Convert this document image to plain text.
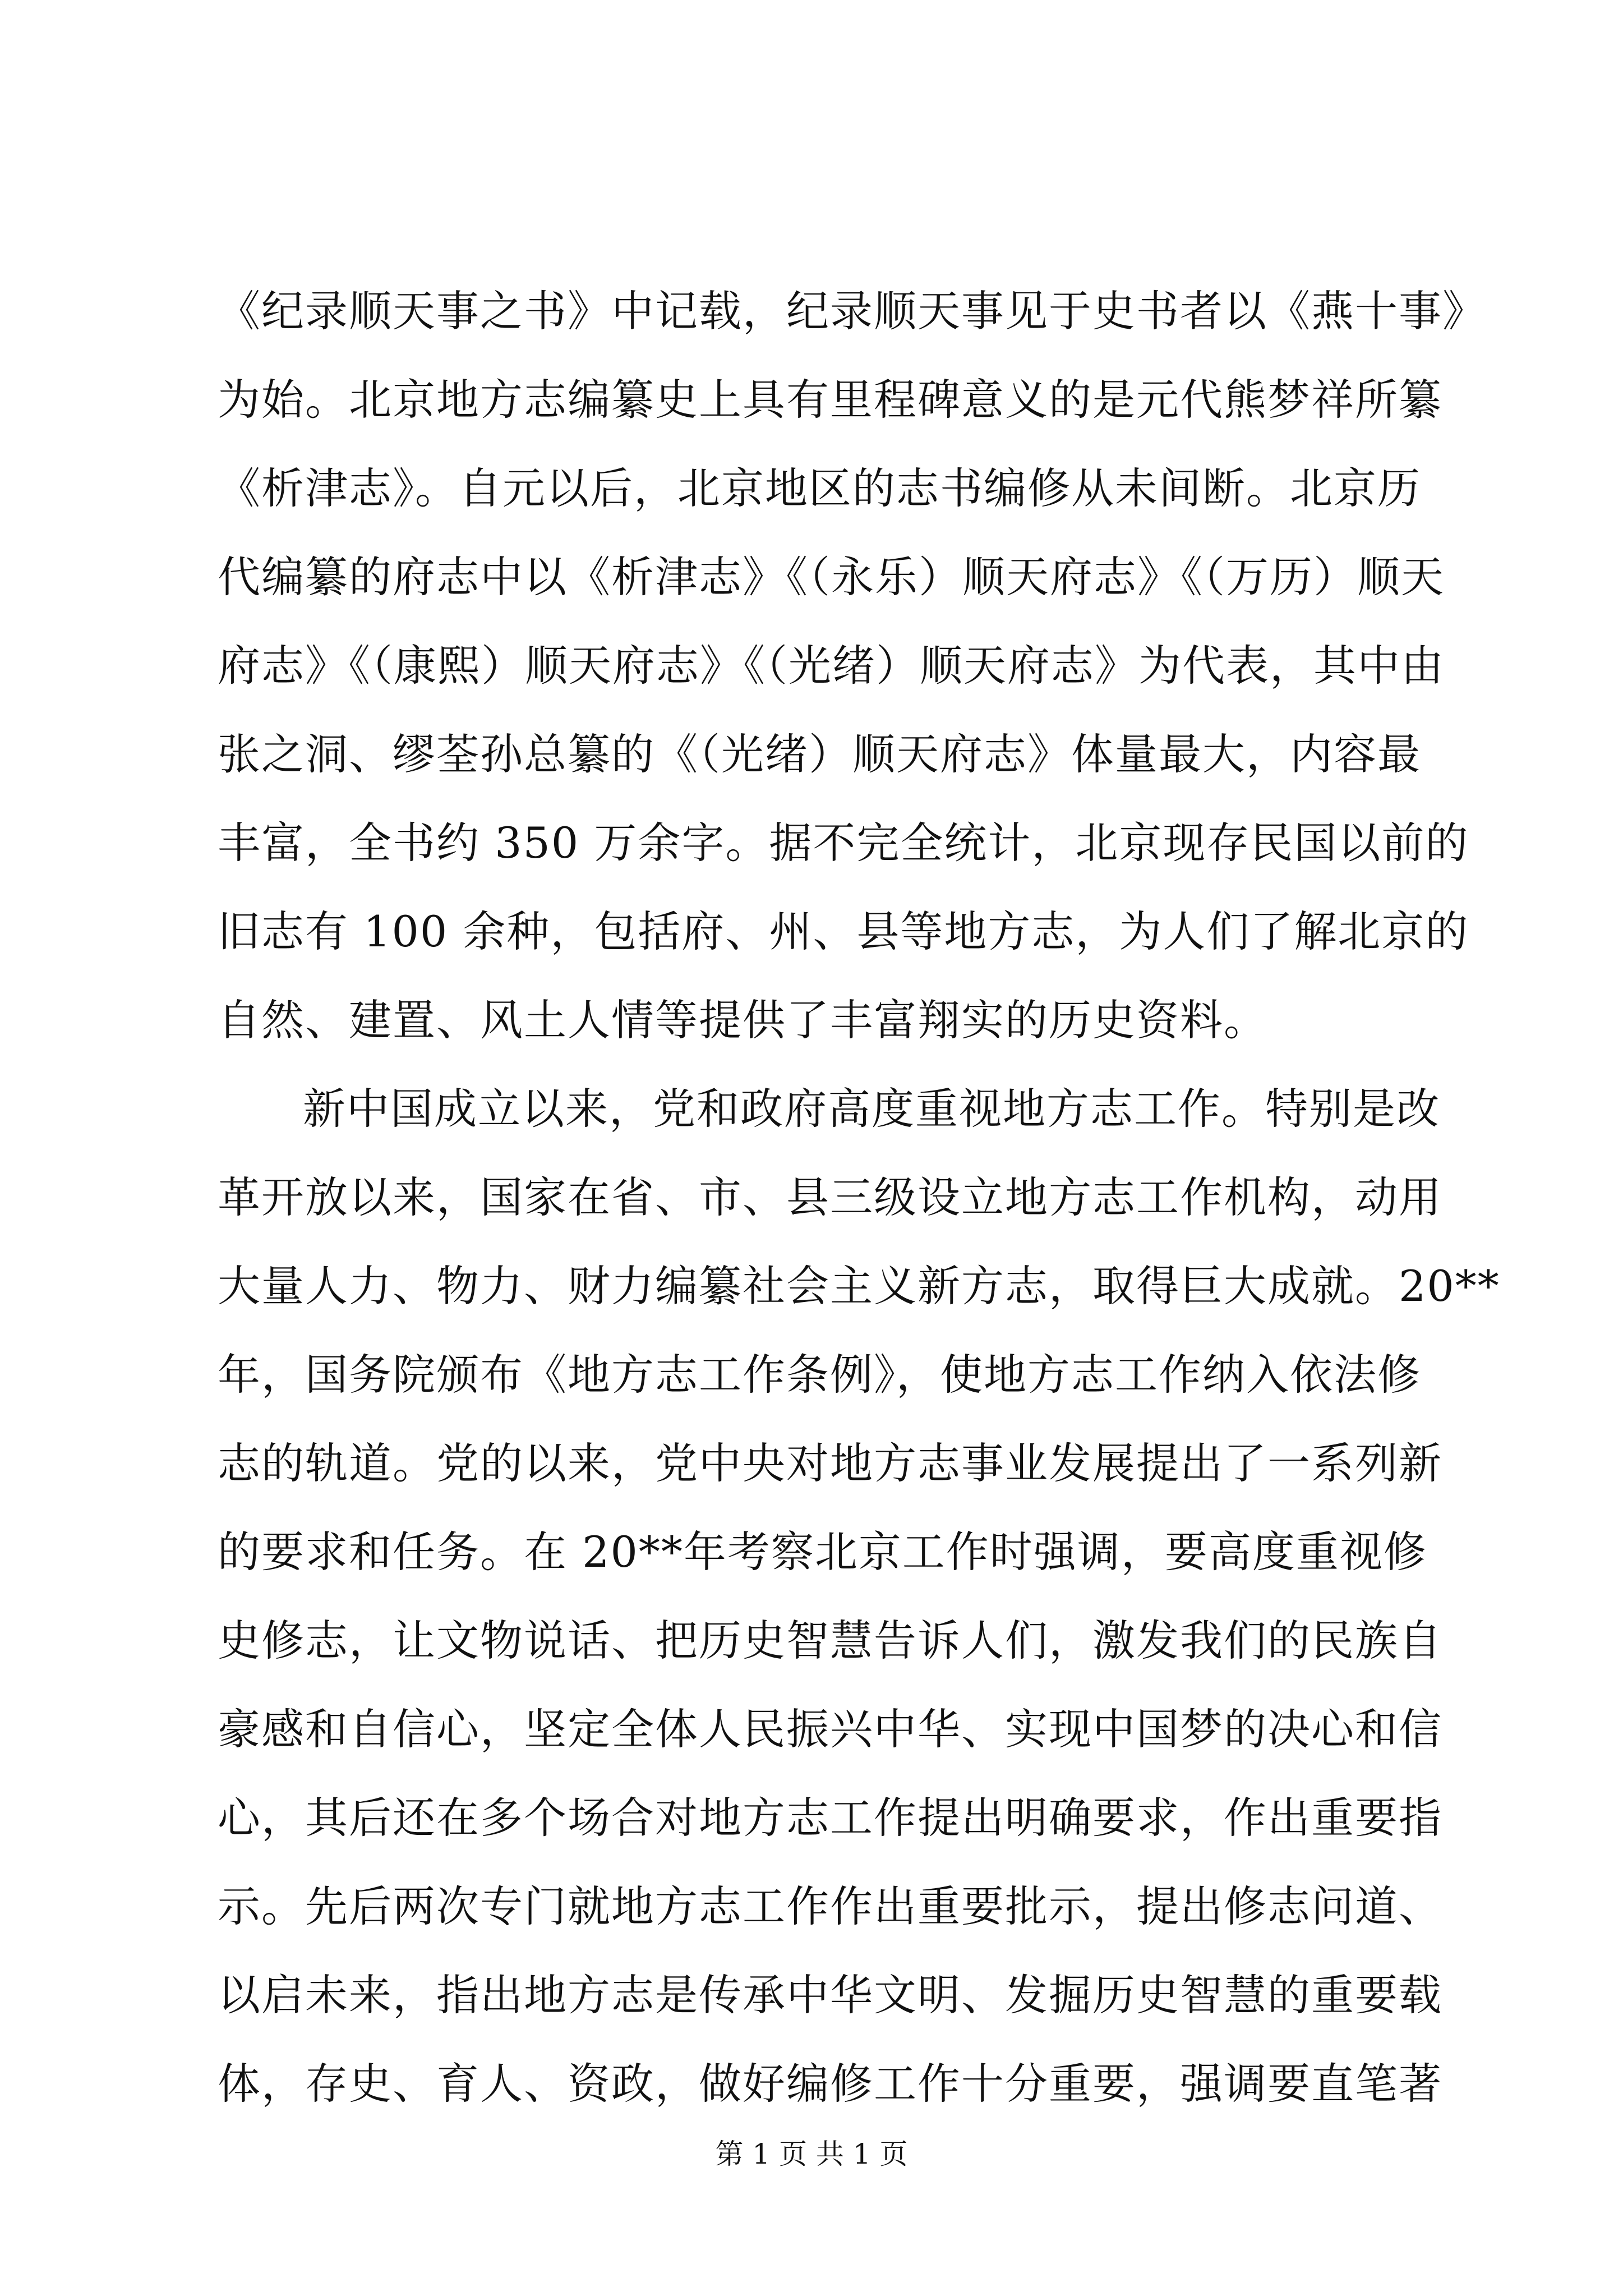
《纪录顺天事之书》中记载，纪录顺天事见于史书者以《燕十事》
为始。北京地方志编纂史上具有里程碑意义的是元代熊梦祥所纂
《析津志》。自元以后，北京地区的志书编修从未间断。北京历
代编纂的府志中以《析津志》《（永乐）顺天府志》《（万历）顺天
府志》《（康熙）顺天府志》《（光绪）顺天府志》为代表，其中由
张之洞、缪荃孙总纂的《（光绪）顺天府志》体量最大，内容最
丰富，全书约 350 万余字。据不完全统计，北京现存民国以前的
旧志有 100 余种，包括府、州、县等地方志，为人们了解北京的
自然、建置、风土人情等提供了丰富翔实的历史资料。
新中国成立以来，党和政府高度重视地方志工作。特别是改
革开放以来，国家在省、市、县三级设立地方志工作机构，动用
大量人力、物力、财力编纂社会主义新方志，取得巨大成就。20**
年，国务院颁布《地方志工作条例》，使地方志工作纳入依法修
志的轨道。党的以来，党中央对地方志事业发展提出了一系列新
的要求和任务。在 20**年考察北京工作时强调，要高度重视修
史修志，让文物说话、把历史智慧告诉人们，激发我们的民族自
豪感和自信心，坚定全体人民振兴中华、实现中国梦的决心和信
心，其后还在多个场合对地方志工作提出明确要求，作出重要指
示。先后两次专门就地方志工作作出重要批示，提出修志问道、
以启未来，指出地方志是传承中华文明、发掘历史智慧的重要载
体，存史、育人、资政，做好编修工作十分重要，强调要直笔著
第 1 页 共 1 页
